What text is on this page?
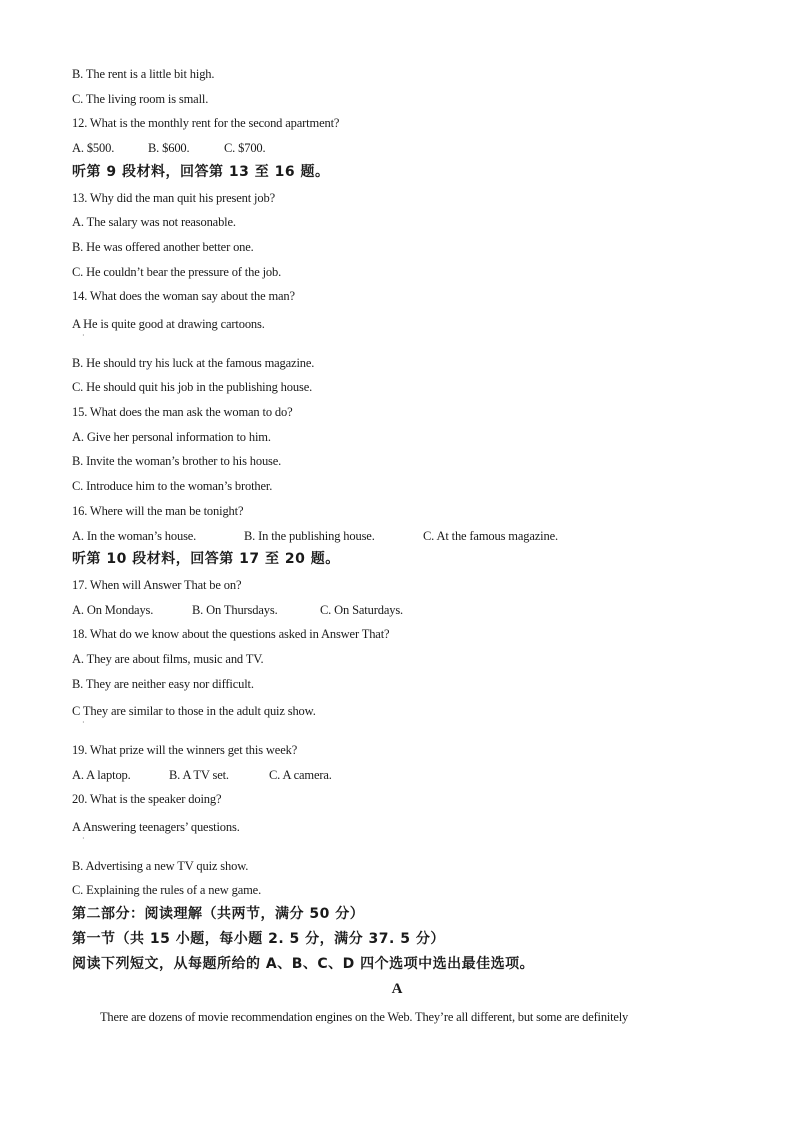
B. The rent is a little bit high.
C. The living room is small.
12. What is the monthly rent for the second apartment?
A. $500.	B. $600.	C. $700.
听第 9 段材料，回答第 13 至 16 题。
13. Why did the man quit his present job?
A. The salary was not reasonable.
B. He was offered another better one.
C. He couldn’t bear the pressure of the job.
14. What does the woman say about the man?
A He is quite good at drawing cartoons.
·
B. He should try his luck at the famous magazine.
C. He should quit his job in the publishing house.
15. What does the man ask the woman to do?
A. Give her personal information to him.
B. Invite the woman’s brother to his house.
C. Introduce him to the woman’s brother.
16. Where will the man be tonight?
A. In the woman’s house.	B. In the publishing house.	C. At the famous magazine.
听第 10 段材料，回答第 17 至 20 题。
17. When will Answer That be on?
A. On Mondays.	B. On Thursdays.	C. On Saturdays.
18. What do we know about the questions asked in Answer That?
A. They are about films, music and TV.
B. They are neither easy nor difficult.
C They are similar to those in the adult quiz show.
·
19. What prize will the winners get this week?
A. A laptop.	B. A TV set.	C. A camera.
20. What is the speaker doing?
A Answering teenagers’ questions.
·
B. Advertising a new TV quiz show.
C. Explaining the rules of a new game.
第二部分：阅读理解（共两节，满分 50 分）
第一节（共 15 小题，每小题 2. 5 分，满分 37. 5 分）
阅读下列短文，从每题所给的 A、B、C、D 四个选项中选出最佳选项。
A
There are dozens of movie recommendation engines on the Web. They’re all different, but some are definitely
